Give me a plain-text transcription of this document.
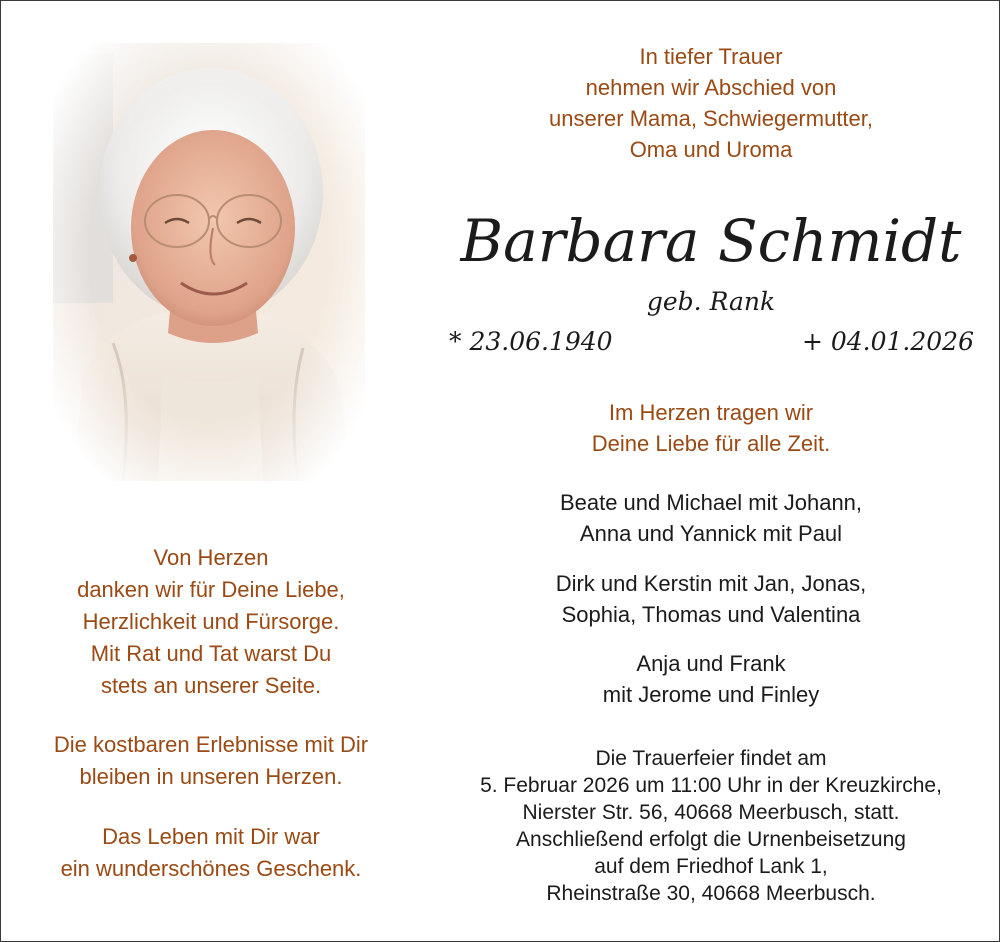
In tiefer Trauer
nehmen wir Abschied von
unserer Mama, Schwiegermutter,
Oma und Uroma
Barbara Schmidt
geb. Rank
* 23.06.1940	+ 04.01.2026
Im Herzen tragen wir
Deine Liebe für alle Zeit.
Beate und Michael mit Johann,
Anna und Yannick mit Paul
Dirk und Kerstin mit Jan, Jonas,
Sophia, Thomas und Valentina
Anja und Frank
mit Jerome und Finley
Die Trauerfeier findet am
5. Februar 2026 um 11:00 Uhr in der Kreuzkirche,
Nierster Str. 56, 40668 Meerbusch, statt.
Anschließend erfolgt die Urnenbeisetzung
auf dem Friedhof Lank 1,
Rheinstraße 30, 40668 Meerbusch.
Von Herzen
danken wir für Deine Liebe,
Herzlichkeit und Fürsorge.
Mit Rat und Tat warst Du
stets an unserer Seite.
Die kostbaren Erlebnisse mit Dir
bleiben in unseren Herzen.
Das Leben mit Dir war
ein wunderschönes Geschenk.
